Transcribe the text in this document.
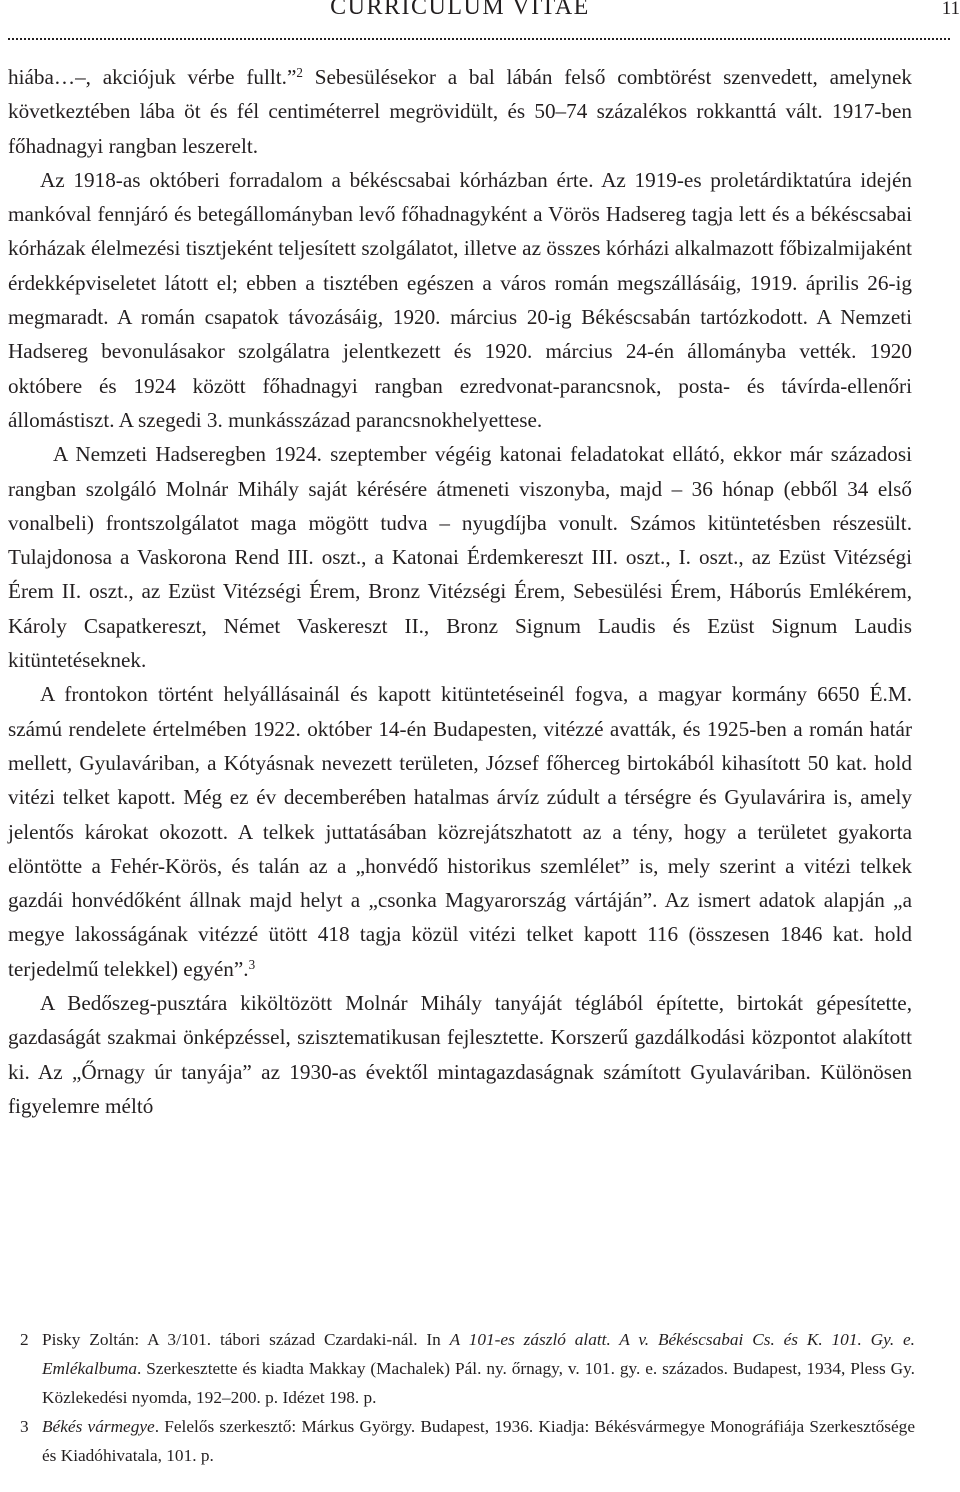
CURRICULUM VITAE	11

hiába…–, akciójuk vérbe fullt.”$^2$ Sebesülésekor a bal lábán felső combtörést szenvedett, amelynek következtében lába öt és fél centiméterrel megrövidült, és 50–74 százalékos rokkanttá vált. 1917-ben főhadnagyi rangban leszerelt.

Az 1918-as októberi forradalom a békéscsabai kórházban érte. Az 1919-es proletárdiktatúra idején mankóval fennjáró és betegállományban levő főhadnagyként a Vörös Hadsereg tagja lett és a békéscsabai kórházak élelmezési tisztjeként teljesített szolgálatot, illetve az összes kórházi alkalmazott főbizalmijaként érdekképviseletet látott el; ebben a tisztében egészen a város román megszállásáig, 1919. április 26-ig megmaradt. A román csapatok távozásáig, 1920. március 20-ig Békéscsabán tartózkodott. A Nemzeti Hadsereg bevonulásakor szolgálatra jelentkezett és 1920. március 24-én állományba vették. 1920 októbere és 1924 között főhadnagyi rangban ezredvonat-parancsnok, posta- és távírda-ellenőri állomástiszt. A szegedi 3. munkásszázad parancsnokhelyettese.

A Nemzeti Hadseregben 1924. szeptember végéig katonai feladatokat ellátó, ekkor már századosi rangban szolgáló Molnár Mihály saját kérésére átmeneti viszonyba, majd – 36 hónap (ebből 34 első vonalbeli) frontszolgálatot maga mögött tudva – nyugdíjba vonult. Számos kitüntetésben részesült. Tulajdonosa a Vaskorona Rend III. oszt., a Katonai Érdemkereszt III. oszt., I. oszt., az Ezüst Vitézségi Érem II. oszt., az Ezüst Vitézségi Érem, Bronz Vitézségi Érem, Sebesülési Érem, Háborús Emlékérem, Károly Csapatkereszt, Német Vaskereszt II., Bronz Signum Laudis és Ezüst Signum Laudis kitüntetéseknek.

A frontokon történt helyállásainál és kapott kitüntetéseinél fogva, a magyar kormány 6650 É.M. számú rendelete értelmében 1922. október 14-én Budapesten, vitézzé avatták, és 1925-ben a román határ mellett, Gyulaváriban, a Kótyásnak nevezett területen, József főherceg birtokából kihasított 50 kat. hold vitézi telket kapott. Még ez év decemberében hatalmas árvíz zúdult a térségre és Gyulavárira is, amely jelentős károkat okozott. A telkek juttatásában közrejátszhatott az a tény, hogy a területet gyakorta elöntötte a Fehér-Körös, és talán az a „honvédő historikus szemlélet” is, mely szerint a vitézi telkek gazdái honvédőként állnak majd helyt a „csonka Magyarország vártáján”. Az ismert adatok alapján „a megye lakosságának vitézzé ütött 418 tagja közül vitézi telket kapott 116 (összesen 1846 kat. hold terjedelmű telekkel) egyén”.$^3$

A Bedőszeg-pusztára kiköltözött Molnár Mihály tanyáját téglából építette, birtokát gépesítette, gazdaságát szakmai önképzéssel, szisztematikusan fejlesztette. Korszerű gazdálkodási központot alakított ki. Az „Őrnagy úr tanyája” az 1930-as évektől mintagazdaságnak számított Gyulaváriban. Különösen figyelemre méltó

2 Pisky Zoltán: A 3/101. tábori század Czardaki-nál. In A 101-es zászló alatt. A v. Békéscsabai Cs. és K. 101. Gy. e. Emlékalbuma. Szerkesztette és kiadta Makkay (Machalek) Pál. ny. őrnagy, v. 101. gy. e. százados. Budapest, 1934, Pless Gy. Közlekedési nyomda, 192–200. p. Idézet 198. p.

3 Békés vármegye. Felelős szerkesztő: Márkus György. Budapest, 1936. Kiadja: Békésvármegye Monográfiája Szerkesztősége és Kiadóhivatala, 101. p.
